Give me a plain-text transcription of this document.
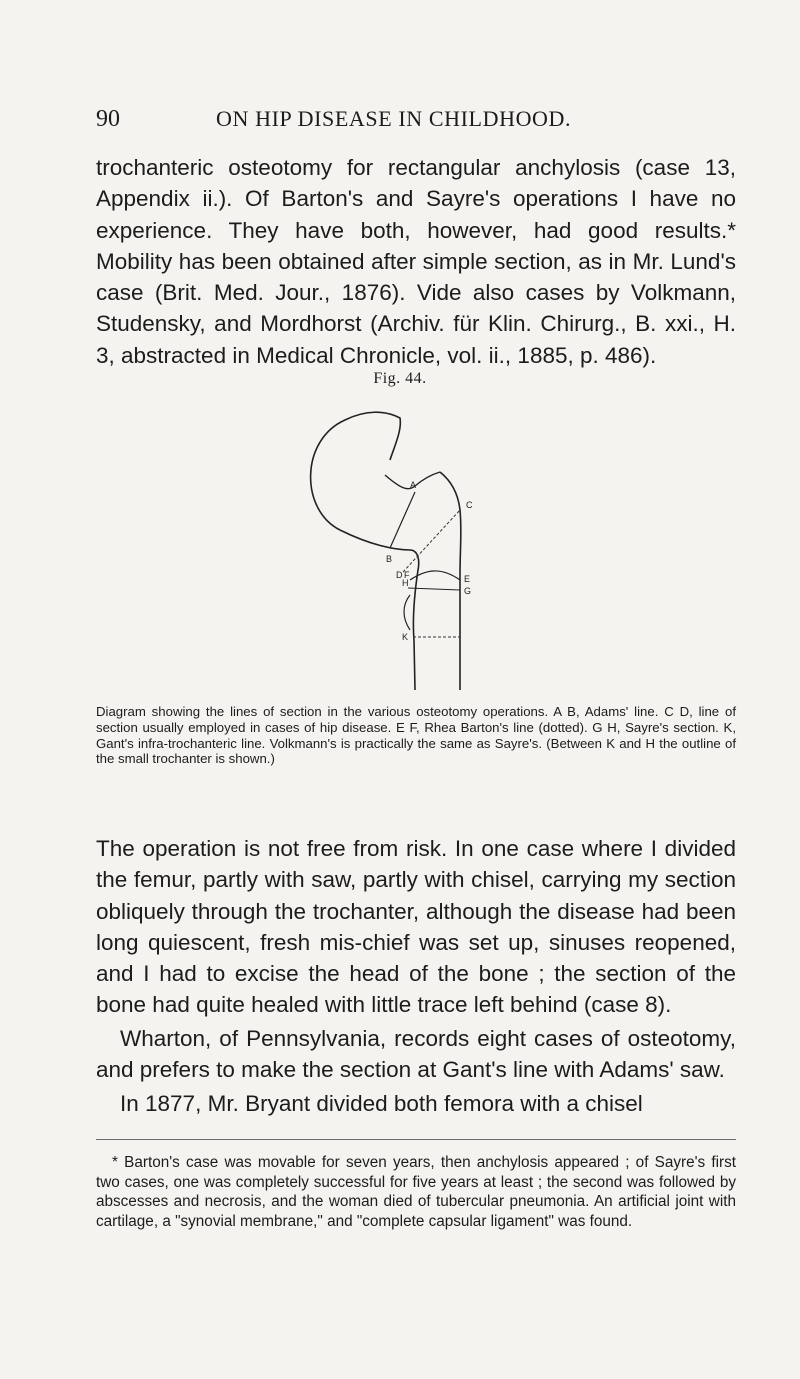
90	ON HIP DISEASE IN CHILDHOOD.

trochanteric osteotomy for rectangular anchylosis (case 13, Appendix ii.). Of Barton's and Sayre's operations I have no experience. They have both, however, had good results.* Mobility has been obtained after simple section, as in Mr. Lund's case (Brit. Med. Jour., 1876). Vide also cases by Volkmann, Studensky, and Mordhorst (Archiv. für Klin. Chirurg., B. xxi., H. 3, abstracted in Medical Chronicle, vol. ii., 1885, p. 486).

Fig. 44.
A
B
C
D F
H	E
G
K

Diagram showing the lines of section in the various osteotomy operations. A B, Adams' line. C D, line of section usually employed in cases of hip disease. E F, Rhea Barton's line (dotted). G H, Sayre's section. K, Gant's infra-trochanteric line. Volkmann's is practically the same as Sayre's. (Between K and H the outline of the small trochanter is shown.)

The operation is not free from risk. In one case where I divided the femur, partly with saw, partly with chisel, carrying my section obliquely through the trochanter, although the disease had been long quiescent, fresh mis-chief was set up, sinuses reopened, and I had to excise the head of the bone ; the section of the bone had quite healed with little trace left behind (case 8).

Wharton, of Pennsylvania, records eight cases of osteotomy, and prefers to make the section at Gant's line with Adams' saw.

In 1877, Mr. Bryant divided both femora with a chisel

* Barton's case was movable for seven years, then anchylosis appeared ; of Sayre's first two cases, one was completely successful for five years at least ; the second was followed by abscesses and necrosis, and the woman died of tubercular pneumonia. An artificial joint with cartilage, a "synovial membrane," and "complete capsular ligament" was found.
